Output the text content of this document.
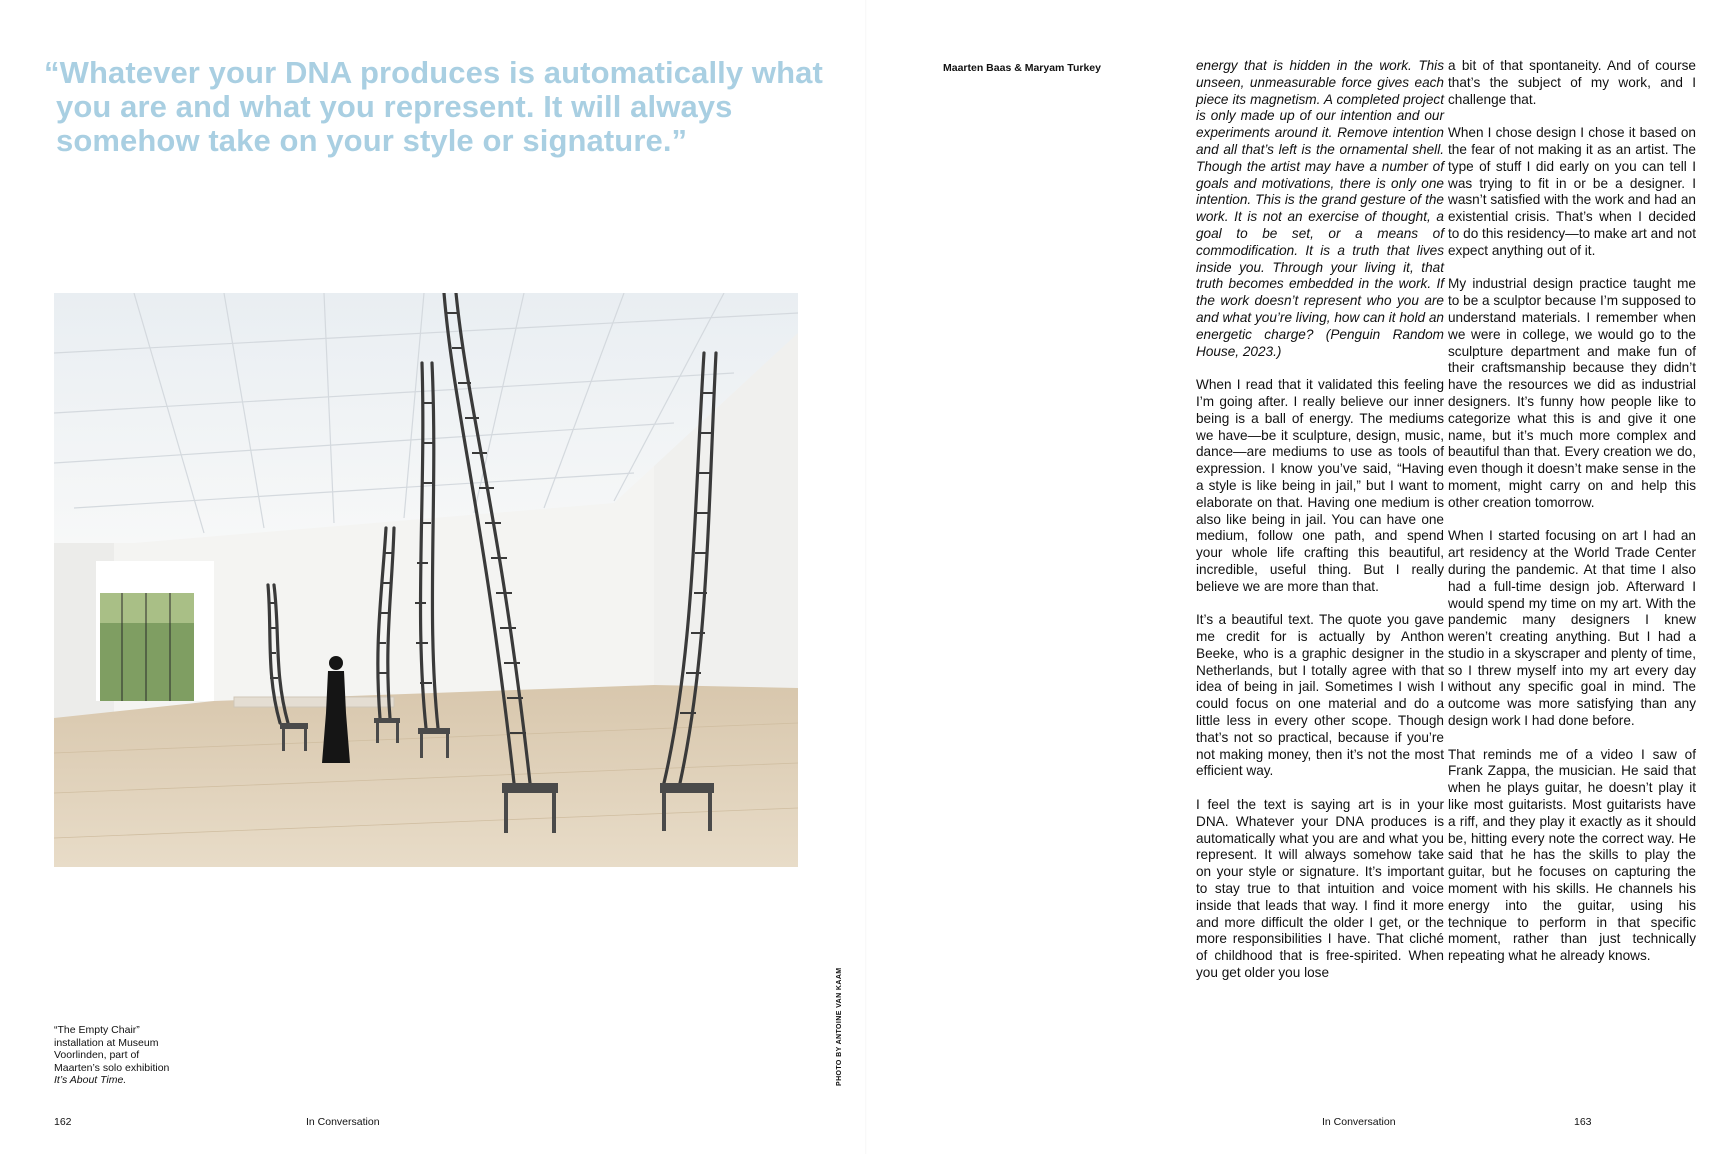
“Whatever your DNA produces is automatically what you are and what you represent. It will always somehow take on your style or signature.”
“The Empty Chair” installation at Museum Voorlinden, part of Maarten’s solo exhibition It’s About Time.	PHOTO BY ANTOINE VAN KAAM
Maarten Baas & Maryam Turkey	energy that is hidden in the work. This unseen, unmeasurable force gives each piece its magnetism. A completed project is only made up of our intention and our experiments around it. Remove intention and all that’s left is the ornamental shell. Though the artist may have a number of goals and motivations, there is only one intention. This is the grand gesture of the work. It is not an exercise of thought, a goal to be set, or a means of commodification. It is a truth that lives inside you. Through your living it, that truth becomes embedded in the work. If the work doesn’t represent who you are and what you’re living, how can it hold an energetic charge? (Penguin Random House, 2023.)

When I read that it validated this feeling I’m going after. I really believe our inner being is a ball of energy. The mediums we have—be it sculpture, design, music, dance—are mediums to use as tools of expression. I know you’ve said, “Having a style is like being in jail,” but I want to elaborate on that. Having one medium is also like being in jail. You can have one medium, follow one path, and spend your whole life crafting this beautiful, incredible, useful thing. But I really believe we are more than that.

It’s a beautiful text. The quote you gave me credit for is actually by Anthon Beeke, who is a graphic designer in the Netherlands, but I totally agree with that idea of being in jail. Sometimes I wish I could focus on one material and do a little less in every other scope. Though that’s not so practical, because if you’re not making money, then it’s not the most efficient way.

I feel the text is saying art is in your DNA. Whatever your DNA produces is automatically what you are and what you represent. It will always somehow take on your style or signature. It’s important to stay true to that intuition and voice inside that leads that way. I find it more and more difficult the older I get, or the more responsibilities I have. That cliché of childhood that is free-spirited. When you get older you lose

a bit of that spontaneity. And of course that’s the subject of my work, and I challenge that.

When I chose design I chose it based on the fear of not making it as an artist. The type of stuff I did early on you can tell I was trying to fit in or be a designer. I wasn’t satisfied with the work and had an existential crisis. That’s when I decided to do this residency—to make art and not expect anything out of it.

My industrial design practice taught me to be a sculptor because I’m supposed to understand materials. I remember when we were in college, we would go to the sculpture department and make fun of their craftsmanship because they didn’t have the resources we did as industrial designers. It’s funny how people like to categorize what this is and give it one name, but it’s much more complex and beautiful than that. Every creation we do, even though it doesn’t make sense in the moment, might carry on and help this other creation tomorrow.

When I started focusing on art I had an art residency at the World Trade Center during the pandemic. At that time I also had a full-time design job. Afterward I would spend my time on my art. With the pandemic many designers I knew weren’t creating anything. But I had a studio in a skyscraper and plenty of time, so I threw myself into my art every day without any specific goal in mind. The outcome was more satisfying than any design work I had done before.

That reminds me of a video I saw of Frank Zappa, the musician. He said that when he plays guitar, he doesn’t play it like most guitarists. Most guitarists have a riff, and they play it exactly as it should be, hitting every note the correct way. He said that he has the skills to play the guitar, but he focuses on capturing the moment with his skills. He channels his energy into the guitar, using his technique to perform in that specific moment, rather than just technically repeating what he already knows.

162	In Conversation	In Conversation	163
